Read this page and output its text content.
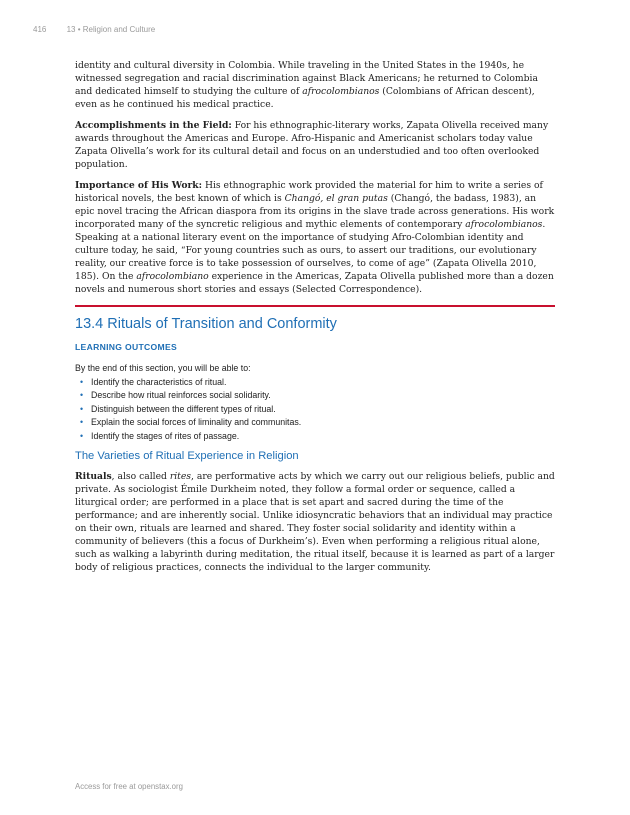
416	13 • Religion and Culture

identity and cultural diversity in Colombia. While traveling in the United States in the 1940s, he witnessed segregation and racial discrimination against Black Americans; he returned to Colombia and dedicated himself to studying the culture of afrocolombianos (Colombians of African descent), even as he continued his medical practice.

Accomplishments in the Field: For his ethnographic-literary works, Zapata Olivella received many awards throughout the Americas and Europe. Afro-Hispanic and Americanist scholars today value Zapata Olivella’s work for its cultural detail and focus on an understudied and too often overlooked population.

Importance of His Work: His ethnographic work provided the material for him to write a series of historical novels, the best known of which is Changó, el gran putas (Changó, the badass, 1983), an epic novel tracing the African diaspora from its origins in the slave trade across generations. His work incorporated many of the syncretic religious and mythic elements of contemporary afrocolombianos. Speaking at a national literary event on the importance of studying Afro-Colombian identity and culture today, he said, “For young countries such as ours, to assert our traditions, our evolutionary reality, our creative force is to take possession of ourselves, to come of age” (Zapata Olivella 2010, 185). On the afrocolombiano experience in the Americas, Zapata Olivella published more than a dozen novels and numerous short stories and essays (Selected Correspondence).

13.4 Rituals of Transition and Conformity
LEARNING OUTCOMES
By the end of this section, you will be able to:
• Identify the characteristics of ritual.
• Describe how ritual reinforces social solidarity.
• Distinguish between the different types of ritual.
• Explain the social forces of liminality and communitas.
• Identify the stages of rites of passage.
The Varieties of Ritual Experience in Religion

Rituals, also called rites, are performative acts by which we carry out our religious beliefs, public and private. As sociologist Émile Durkheim noted, they follow a formal order or sequence, called a liturgical order; are performed in a place that is set apart and sacred during the time of the performance; and are inherently social. Unlike idiosyncratic behaviors that an individual may practice on their own, rituals are learned and shared. They foster social solidarity and identity within a community of believers (this a focus of Durkheim’s). Even when performing a religious ritual alone, such as walking a labyrinth during meditation, the ritual itself, because it is learned as part of a larger body of religious practices, connects the individual to the larger community.

Access for free at openstax.org
